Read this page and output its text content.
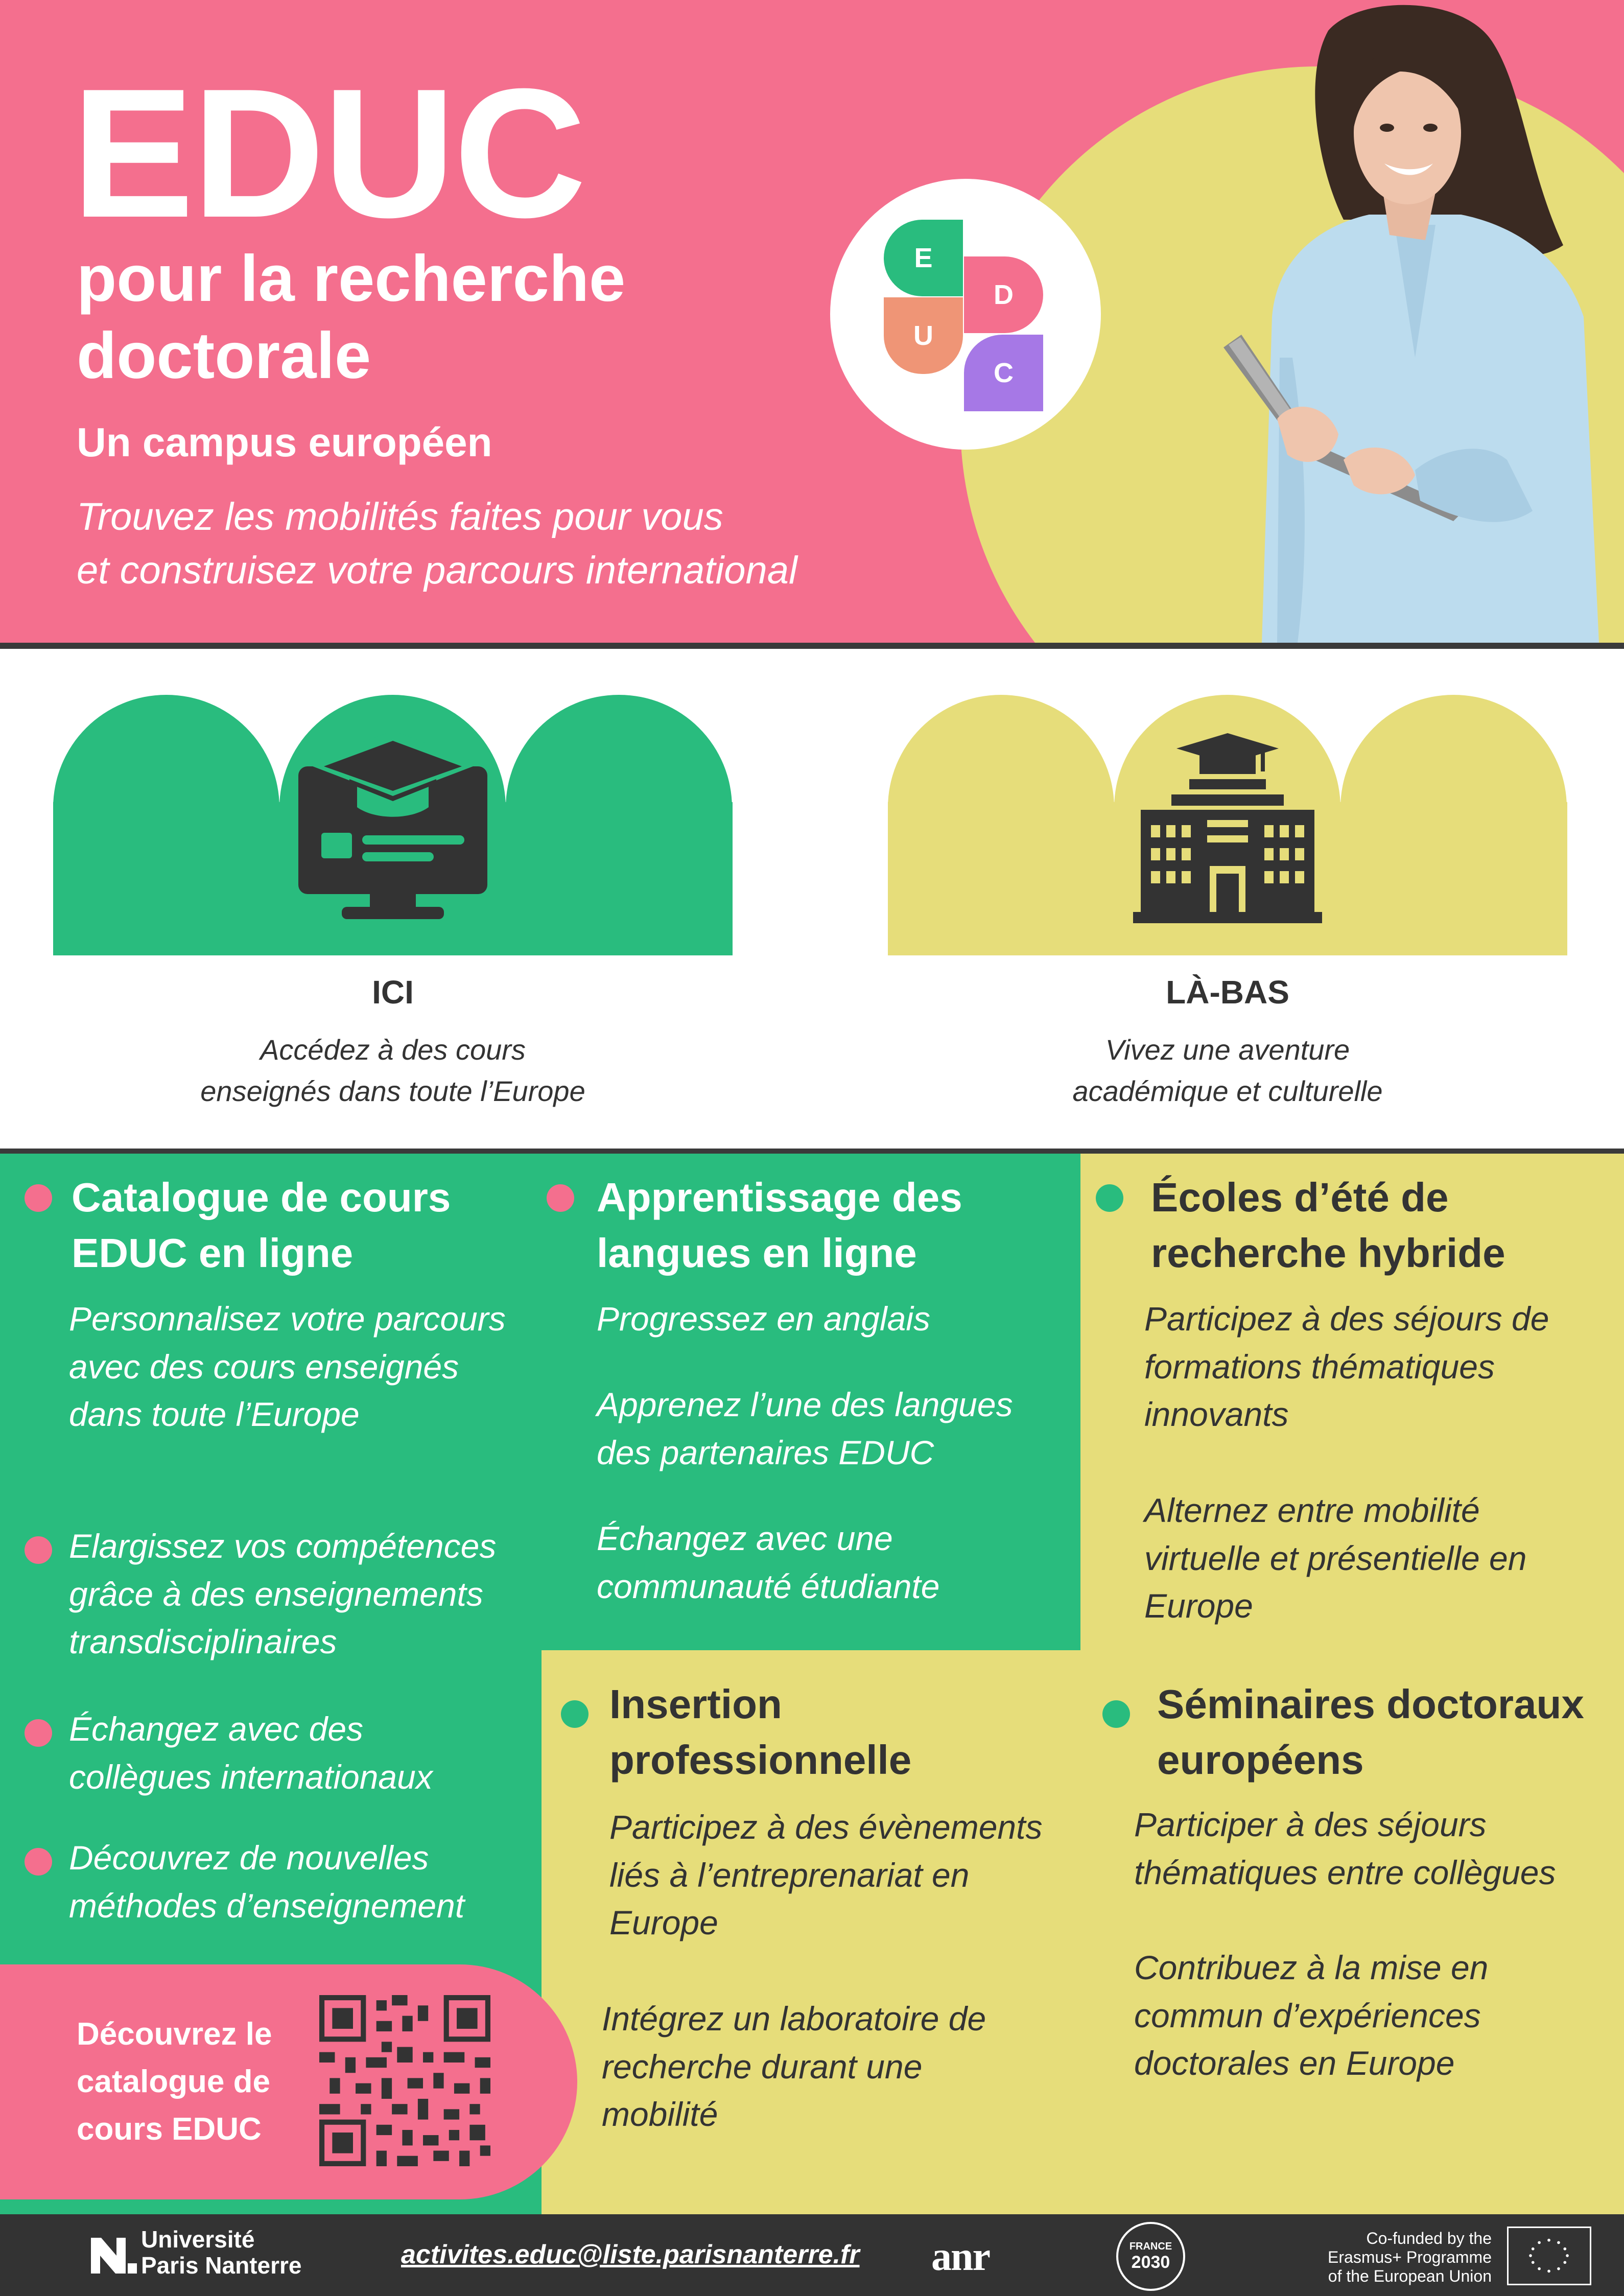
EDUC
pour la recherche doctorale
Un campus européen
Trouvez les mobilités faites pour vous
et construisez votre parcours international
E
D
U
C
ICI
Accédez à des cours
enseignés dans toute l’Europe
LÀ-BAS
Vivez une aventure
académique et culturelle
Catalogue de cours EDUC en ligne
Personnalisez votre parcours avec des cours enseignés dans toute l’Europe
Elargissez vos compétences grâce à des enseignements transdisciplinaires
Échangez avec des collègues internationaux
Découvrez de nouvelles méthodes d’enseignement
Apprentissage des langues en ligne
Progressez en anglais
Apprenez l’une des langues des partenaires EDUC
Échangez avec une communauté étudiante
Écoles d’été de recherche hybride
Participez à des séjours de formations thématiques innovants
Alternez entre mobilité virtuelle et présentielle en Europe
Insertion professionnelle
Participez à des évènements liés à l’entreprenariat en Europe
Intégrez un laboratoire de recherche durant une mobilité
Séminaires doctoraux européens
Participer à des séjours thématiques entre collègues
Contribuez à la mise en commun d’expériences doctorales en Europe
Découvrez le catalogue de cours EDUC
Université
Paris Nanterre	activites.educ@liste.parisnanterre.fr anr	FRANCE
2030
Co-funded by the
Erasmus+ Programme
of the European Union
